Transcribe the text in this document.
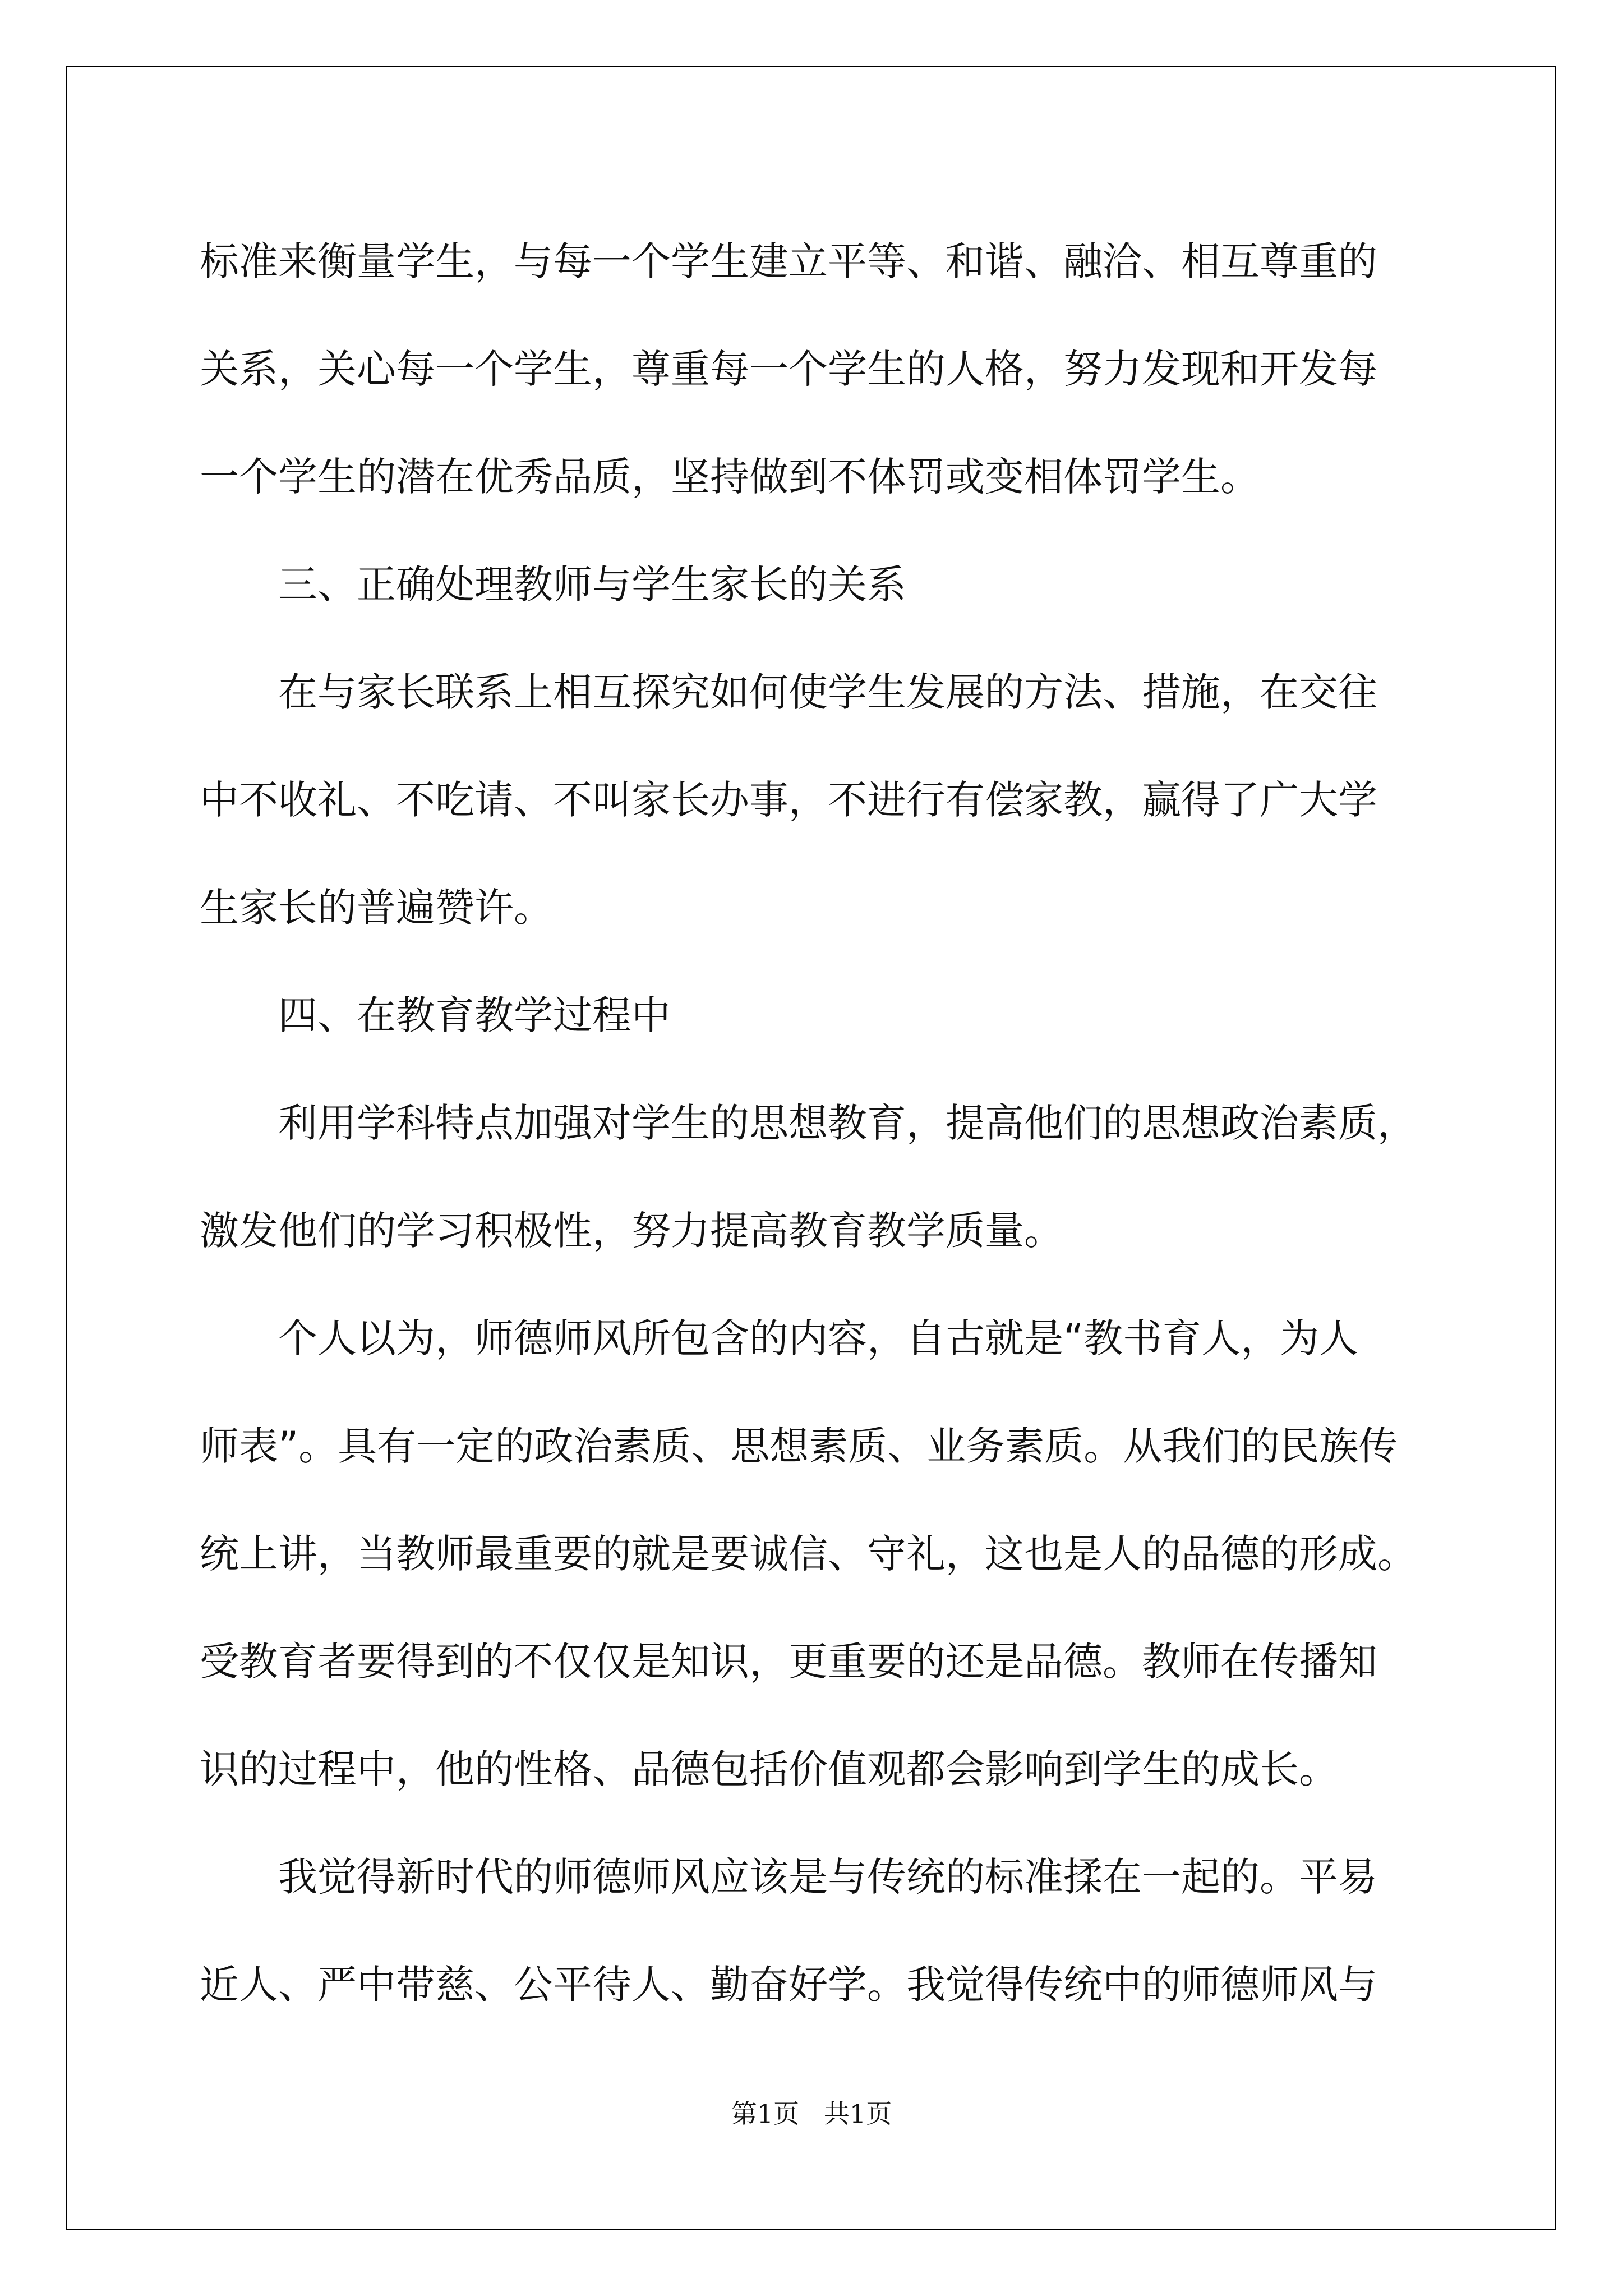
标准来衡量学生，与每一个学生建立平等、和谐、融洽、相互尊重的
关系，关心每一个学生，尊重每一个学生的人格，努力发现和开发每
一个学生的潜在优秀品质，坚持做到不体罚或变相体罚学生。
三、正确处理教师与学生家长的关系
在与家长联系上相互探究如何使学生发展的方法、措施，在交往
中不收礼、不吃请、不叫家长办事，不进行有偿家教，赢得了广大学
生家长的普遍赞许。
四、在教育教学过程中
利用学科特点加强对学生的思想教育，提高他们的思想政治素质，
激发他们的学习积极性，努力提高教育教学质量。
个人以为，师德师风所包含的内容，自古就是“教书育人，为人
师表”。具有一定的政治素质、思想素质、业务素质。从我们的民族传
统上讲，当教师最重要的就是要诚信、守礼，这也是人的品德的形成。
受教育者要得到的不仅仅是知识，更重要的还是品德。教师在传播知
识的过程中，他的性格、品德包括价值观都会影响到学生的成长。
我觉得新时代的师德师风应该是与传统的标准揉在一起的。平易
近人、严中带慈、公平待人、勤奋好学。我觉得传统中的师德师风与
第1页   共1页
